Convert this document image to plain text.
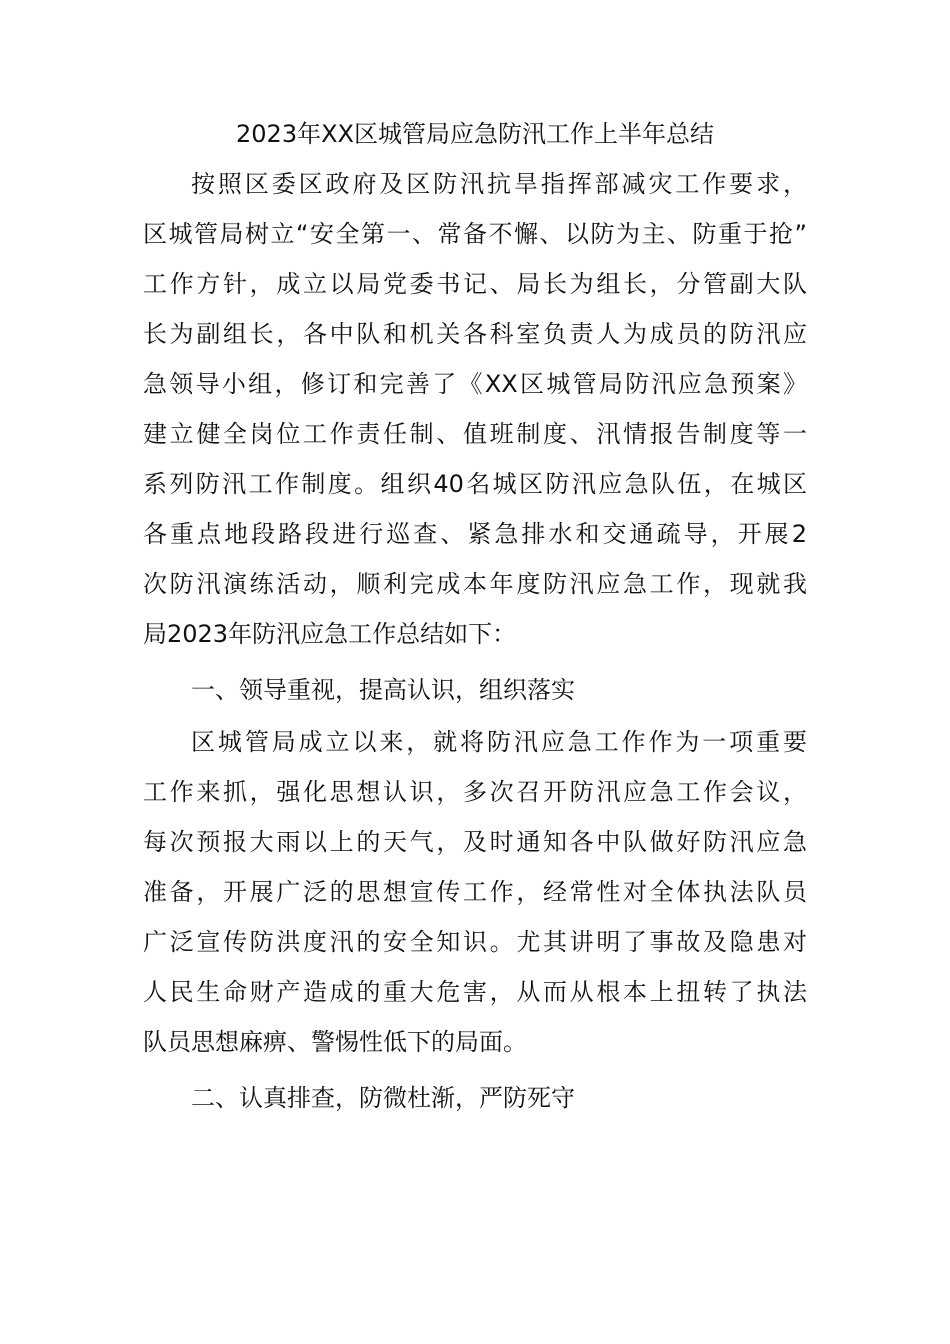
2023年XX区城管局应急防汛工作上半年总结
按照区委区政府及区防汛抗旱指挥部减灾工作要求，
区城管局树立“安全第一、常备不懈、以防为主、防重于抢”
工作方针，成立以局党委书记、局长为组长，分管副大队
长为副组长，各中队和机关各科室负责人为成员的防汛应
急领导小组，修订和完善了《XX区城管局防汛应急预案》
建立健全岗位工作责任制、值班制度、汛情报告制度等一
系列防汛工作制度。组织40名城区防汛应急队伍，在城区
各重点地段路段进行巡查、紧急排水和交通疏导，开展2
次防汛演练活动，顺利完成本年度防汛应急工作，现就我
局2023年防汛应急工作总结如下：
一、领导重视，提高认识，组织落实
区城管局成立以来，就将防汛应急工作作为一项重要
工作来抓，强化思想认识，多次召开防汛应急工作会议，
每次预报大雨以上的天气，及时通知各中队做好防汛应急
准备，开展广泛的思想宣传工作，经常性对全体执法队员
广泛宣传防洪度汛的安全知识。尤其讲明了事故及隐患对
人民生命财产造成的重大危害，从而从根本上扭转了执法
队员思想麻痹、警惕性低下的局面。
二、认真排查，防微杜渐，严防死守
